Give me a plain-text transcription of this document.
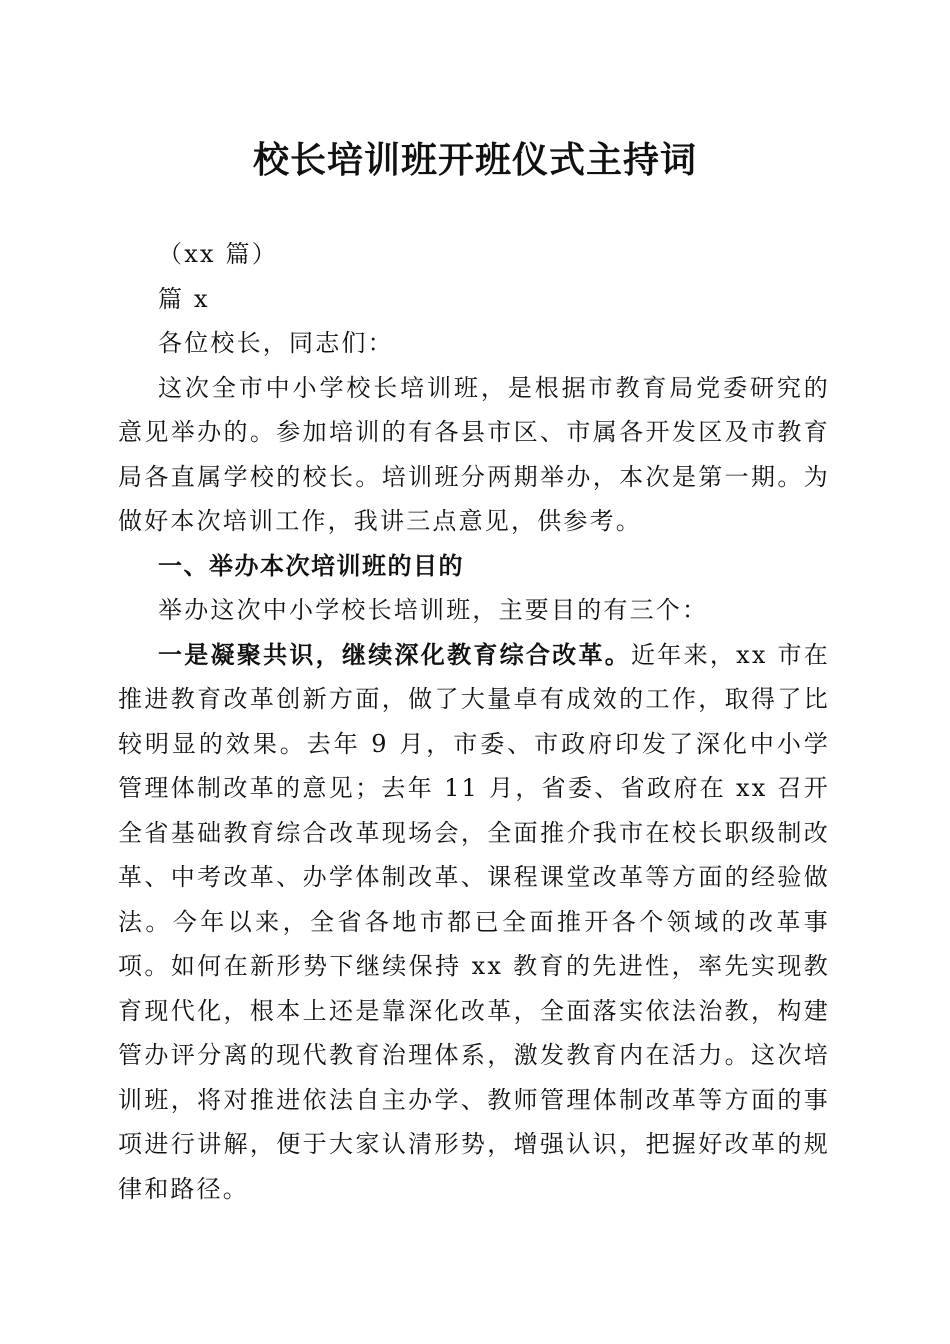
校长培训班开班仪式主持词

（xx 篇）

篇 x

各位校长，同志们：

这次全市中小学校长培训班，是根据市教育局党委研究的意见举办的。参加培训的有各县市区、市属各开发区及市教育局各直属学校的校长。培训班分两期举办，本次是第一期。为做好本次培训工作，我讲三点意见，供参考。

一、举办本次培训班的目的

举办这次中小学校长培训班，主要目的有三个：

一是凝聚共识，继续深化教育综合改革。近年来，xx 市在推进教育改革创新方面，做了大量卓有成效的工作，取得了比较明显的效果。去年 9 月，市委、市政府印发了深化中小学管理体制改革的意见；去年 11 月，省委、省政府在 xx 召开全省基础教育综合改革现场会，全面推介我市在校长职级制改革、中考改革、办学体制改革、课程课堂改革等方面的经验做法。今年以来，全省各地市都已全面推开各个领域的改革事项。如何在新形势下继续保持 xx 教育的先进性，率先实现教育现代化，根本上还是靠深化改革，全面落实依法治教，构建管办评分离的现代教育治理体系，激发教育内在活力。这次培训班，将对推进依法自主办学、教师管理体制改革等方面的事项进行讲解，便于大家认清形势，增强认识，把握好改革的规律和路径。
